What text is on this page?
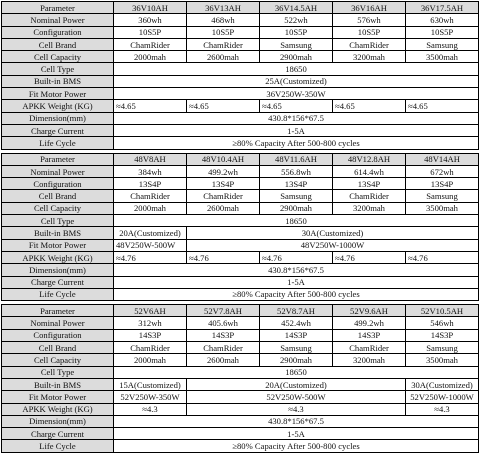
Parameter	36V10AH	36V13AH	36V14.5AH	36V16AH	36V17.5AH
Nominal Power	360wh	468wh	522wh	576wh	630wh
Configuration	10S5P	10S5P	10S5P	10S5P	10S5P
Cell Brand	ChamRider	ChamRider	Samsung	ChamRider	Samsung
Cell Capacity	2000mah	2600mah	2900mah	3200mah	3500mah
Cell Type	18650				
Built-in BMS	25A(Customized)				
Fit Motor Power	36V250W-350W				
APKK Weight (KG)	≈4.65	≈4.65	≈4.65	≈4.65	≈4.65
Dimension(mm)	430.8*156*67.5				
Charge Current	1-5A				
Life Cycle	≥80% Capacity After 500-800 cycles				
Parameter	48V8AH	48V10.4AH	48V11.6AH	48V12.8AH	48V14AH
Nominal Power	384wh	499.2wh	556.8wh	614.4wh	672wh
Configuration	13S4P	13S4P	13S4P	13S4P	13S4P
Cell Brand	ChamRider	ChamRider	Samsung	ChamRider	Samsung
Cell Capacity	2000mah	2600mah	2900mah	3200mah	3500mah
Cell Type	18650				
Built-in BMS	20A(Customized)	30A(Customized)			
Fit Motor Power	48V250W-500W	48V250W-1000W			
APKK Weight (KG)	≈4.76	≈4.76	≈4.76	≈4.76	≈4.76
Dimension(mm)	430.8*156*67.5				
Charge Current	1-5A				
Life Cycle	≥80% Capacity After 500-800 cycles				
Parameter	52V6AH	52V7.8AH	52V8.7AH	52V9.6AH	52V10.5AH
Nominal Power	312wh	405.6wh	452.4wh	499.2wh	546wh
Configuration	14S3P	14S3P	14S3P	14S3P	14S3P
Cell Brand	ChamRider	ChamRider	Samsung	ChamRider	Samsung
Cell Capacity	2000mah	2600mah	2900mah	3200mah	3500mah
Cell Type	18650				
Built-in BMS	15A(Customized)	20A(Customized)			30A(Customized)
Fit Motor Power	52V250W-350W	52V250W-500W			52V250W-1000W
APKK Weight (KG)	≈4.3	≈4.3			≈4.3
Dimension(mm)	430.8*156*67.5				
Charge Current	1-5A				
Life Cycle	≥80% Capacity After 500-800 cycles				
